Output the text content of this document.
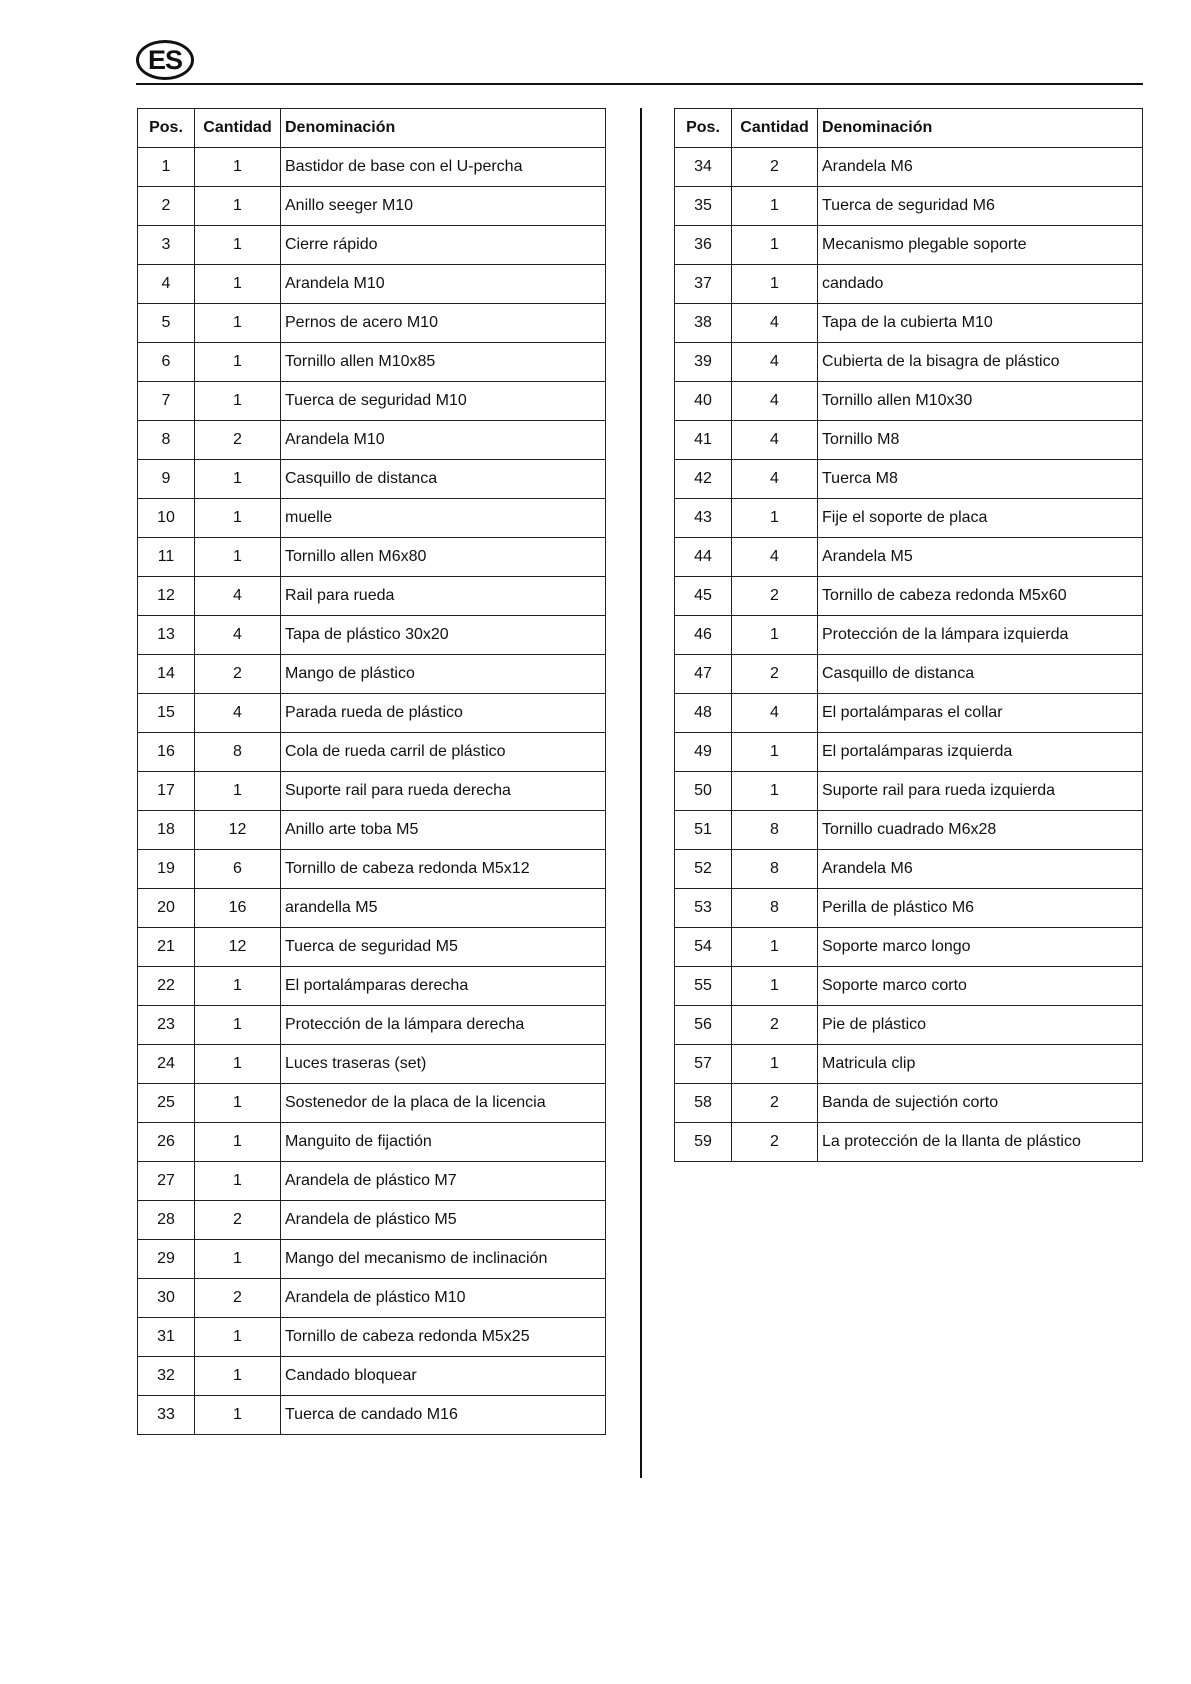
ES
Pos.	Cantidad	Denominación
1	1	Bastidor de base con el U-percha
2	1	Anillo seeger M10
3	1	Cierre rápido
4	1	Arandela M10
5	1	Pernos de acero M10
6	1	Tornillo allen M10x85
7	1	Tuerca de seguridad M10
8	2	Arandela M10
9	1	Casquillo de distanca
10	1	muelle
11	1	Tornillo allen M6x80
12	4	Rail para rueda
13	4	Tapa de plástico 30x20
14	2	Mango de plástico
15	4	Parada rueda de plástico
16	8	Cola de rueda carril de plástico
17	1	Suporte rail para rueda derecha
18	12	Anillo arte toba M5
19	6	Tornillo de cabeza redonda M5x12
20	16	arandella M5
21	12	Tuerca de seguridad M5
22	1	El portalámparas derecha
23	1	Protección de la lámpara derecha
24	1	Luces traseras (set)
25	1	Sostenedor de la placa de la licencia
26	1	Manguito de fijactión
27	1	Arandela de plástico M7
28	2	Arandela de plástico M5
29	1	Mango del mecanismo de inclinación
30	2	Arandela de plástico M10
31	1	Tornillo de cabeza redonda M5x25
32	1	Candado bloquear
33	1	Tuerca de candado M16
Pos.	Cantidad	Denominación
34	2	Arandela M6
35	1	Tuerca de seguridad M6
36	1	Mecanismo plegable soporte
37	1	candado
38	4	Tapa de la cubierta M10
39	4	Cubierta de la bisagra de plástico
40	4	Tornillo allen M10x30
41	4	Tornillo M8
42	4	Tuerca M8
43	1	Fije el soporte de placa
44	4	Arandela M5
45	2	Tornillo de cabeza redonda M5x60
46	1	Protección de la lámpara izquierda
47	2	Casquillo de distanca
48	4	El portalámparas el collar
49	1	El portalámparas izquierda
50	1	Suporte rail para rueda izquierda
51	8	Tornillo cuadrado M6x28
52	8	Arandela M6
53	8	Perilla de plástico M6
54	1	Soporte marco longo
55	1	Soporte marco corto
56	2	Pie de plástico
57	1	Matricula clip
58	2	Banda de sujectión corto
59	2	La protección de la llanta de plástico
